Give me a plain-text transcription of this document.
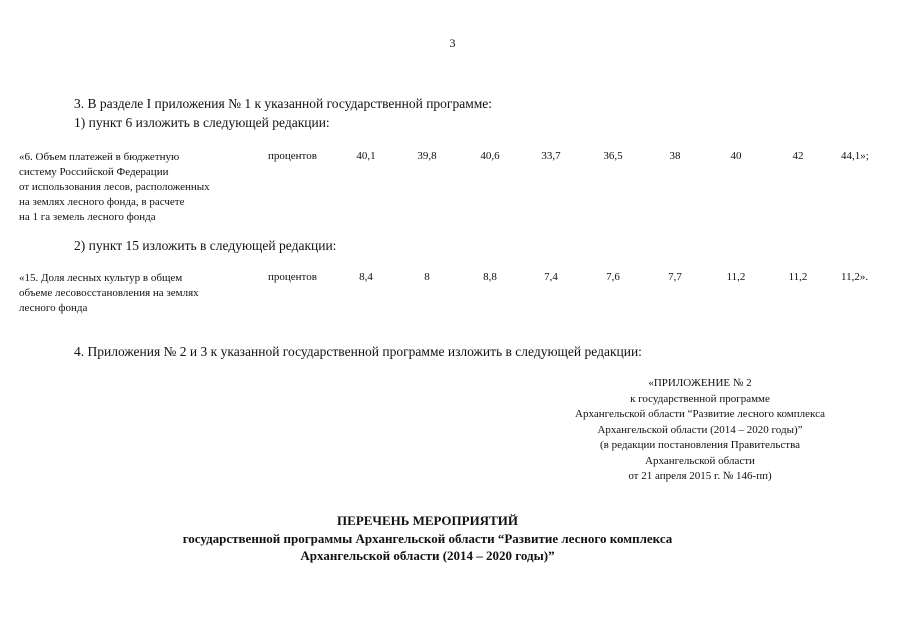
3
3. В разделе I приложения № 1 к указанной государственной программе:
1) пункт 6 изложить в следующей редакции:
«6. Объем платежей в бюджетную
систему Российской Федерации
от использования лесов, расположенных
на землях лесного фонда, в расчете
на 1 га земель лесного фонда
процентов	40,1	39,8	40,6	33,7	36,5	38	40	42	44,1»;
2) пункт 15 изложить в следующей редакции:
«15. Доля лесных культур в общем
объеме лесовосстановления на землях
лесного фонда
процентов	8,4	8	8,8	7,4	7,6	7,7	11,2	11,2	11,2».
4. Приложения № 2 и 3 к указанной государственной программе изложить в следующей редакции:
«ПРИЛОЖЕНИЕ № 2
к государственной программе
Архангельской области “Развитие лесного комплекса
Архангельской области (2014 – 2020 годы)”
(в редакции постановления Правительства
Архангельской области
от 21 апреля 2015 г. № 146-пп)
ПЕРЕЧЕНЬ МЕРОПРИЯТИЙ
государственной программы Архангельской области “Развитие лесного комплекса
Архангельской области (2014 – 2020 годы)”
